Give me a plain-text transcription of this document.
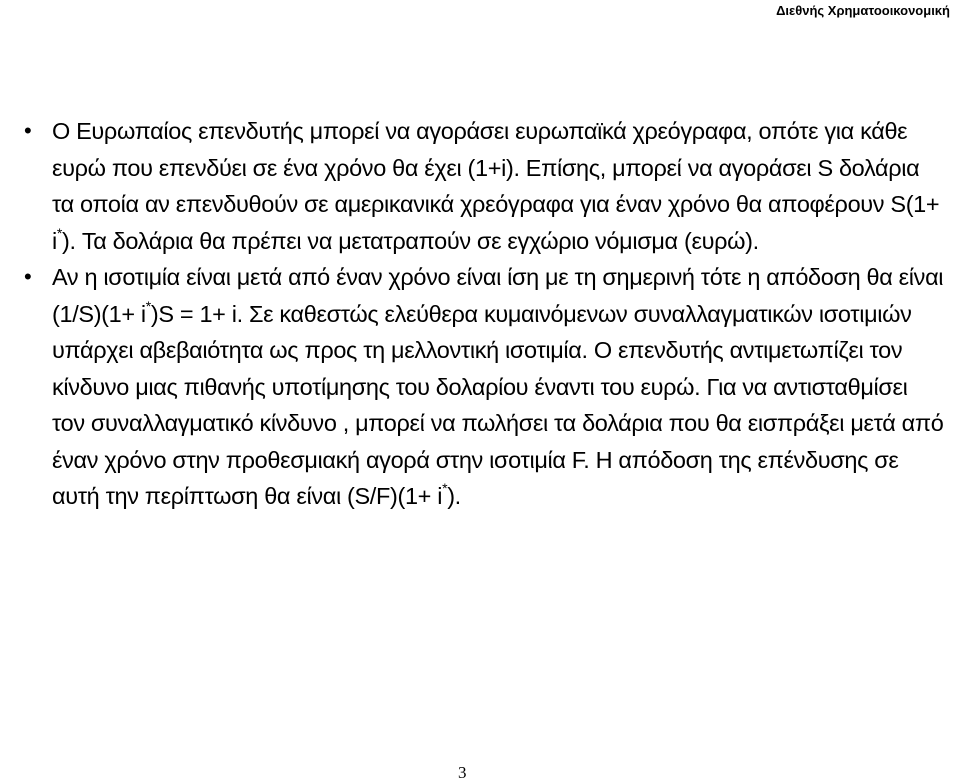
Διεθνής Χρηματοοικονομική
• Ο Ευρωπαίος επενδυτής μπορεί να αγοράσει ευρωπαϊκά χρεόγραφα, οπότε για κάθε ευρώ που επενδύει σε ένα χρόνο θα έχει (1+i). Επίσης, μπορεί να αγοράσει S δολάρια τα οποία αν επενδυθούν σε αμερικανικά χρεόγραφα για έναν χρόνο θα αποφέρουν S(1+ i*). Τα δολάρια θα πρέπει να μετατραπούν σε εγχώριο νόμισμα (ευρώ).
• Αν η ισοτιμία είναι μετά από έναν χρόνο είναι ίση με τη σημερινή τότε η απόδοση θα είναι (1/S)(1+ i*)S = 1+ i. Σε καθεστώς ελεύθερα κυμαινόμενων συναλλαγματικών ισοτιμιών υπάρχει αβεβαιότητα ως προς τη μελλοντική ισοτιμία. Ο επενδυτής αντιμετωπίζει τον κίνδυνο μιας πιθανής υποτίμησης του δολαρίου έναντι του ευρώ. Για να αντισταθμίσει τον συναλλαγματικό κίνδυνο , μπορεί να πωλήσει τα δολάρια που θα εισπράξει μετά από έναν χρόνο στην προθεσμιακή αγορά στην ισοτιμία F. Η απόδοση της επένδυσης σε αυτή την περίπτωση θα είναι (S/F)(1+ i*).
3
